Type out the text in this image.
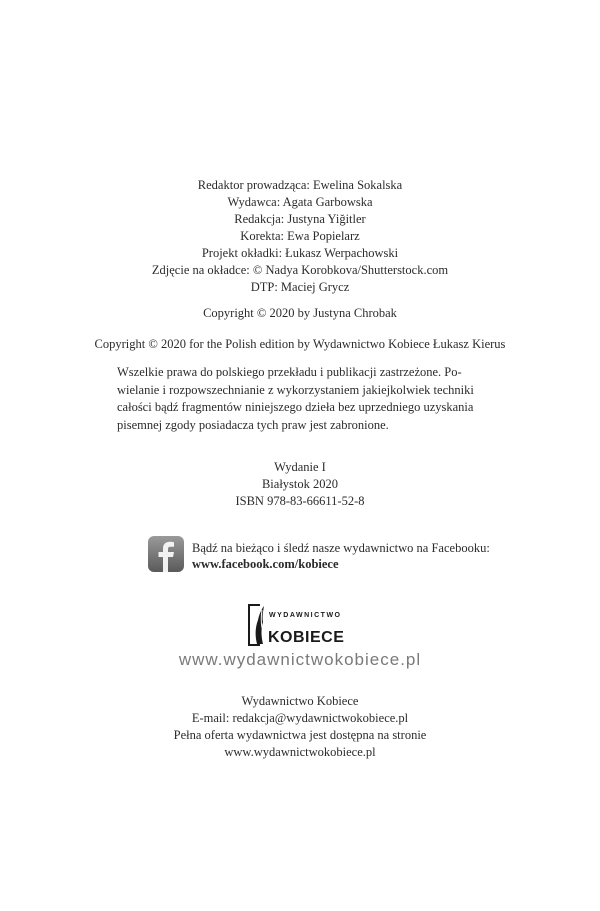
Redaktor prowadząca: Ewelina Sokalska
Wydawca: Agata Garbowska
Redakcja: Justyna Yiğitler
Korekta: Ewa Popielarz
Projekt okładki: Łukasz Werpachowski
Zdjęcie na okładce: © Nadya Korobkova/Shutterstock.com
DTP: Maciej Grycz
Copyright © 2020 by Justyna Chrobak
Copyright © 2020 for the Polish edition by Wydawnictwo Kobiece Łukasz Kierus
Wszelkie prawa do polskiego przekładu i publikacji zastrzeżone. Po-
wielanie i rozpowszechnianie z wykorzystaniem jakiejkolwiek techniki
całości bądź fragmentów niniejszego dzieła bez uprzedniego uzyskania
pisemnej zgody posiadacza tych praw jest zabronione.
Wydanie I
Białystok 2020
ISBN 978-83-66611-52-8
Bądź na bieżąco i śledź nasze wydawnictwo na Facebooku:
www.facebook.com/kobiece
WYDAWNICTWO
KOBIECE
www.wydawnictwokobiece.pl
Wydawnictwo Kobiece
E-mail: redakcja@wydawnictwokobiece.pl
Pełna oferta wydawnictwa jest dostępna na stronie
www.wydawnictwokobiece.pl
